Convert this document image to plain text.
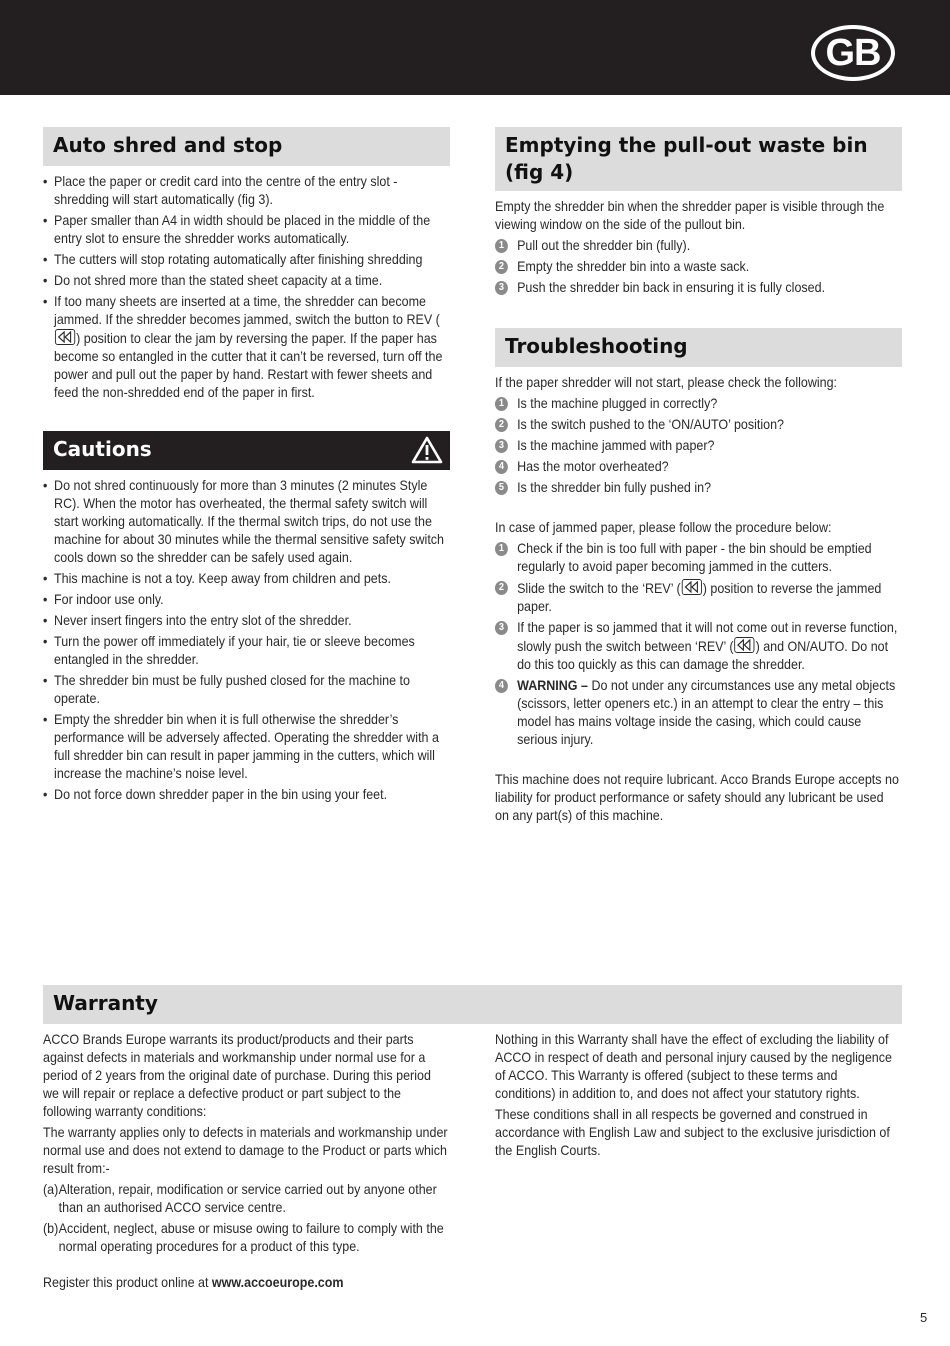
GB
Auto shred and stop
• Place the paper or credit card into the centre of the entry slot - shredding will start automatically (fig 3).
• Paper smaller than A4 in width should be placed in the middle of the entry slot to ensure the shredder works automatically.
• The cutters will stop rotating automatically after finishing shredding
• Do not shred more than the stated sheet capacity at a time.
• If too many sheets are inserted at a time, the shredder can become jammed. If the shredder becomes jammed, switch the button to REV (
) position to clear the jam by reversing the paper. If the paper has become so entangled in the cutter that it can’t be reversed, turn off the power and pull out the paper by hand. Restart with fewer sheets and feed the non-shredded end of the paper in first.
Cautions
• Do not shred continuously for more than 3 minutes (2 minutes Style RC). When the motor has overheated, the thermal safety switch will start working automatically. If the thermal switch trips, do not use the machine for about 30 minutes while the thermal sensitive safety switch cools down so the shredder can be safely used again.
• This machine is not a toy. Keep away from children and pets.
• For indoor use only.
• Never insert fingers into the entry slot of the shredder.
• Turn the power off immediately if your hair, tie or sleeve becomes entangled in the shredder.
• The shredder bin must be fully pushed closed for the machine to operate.
• Empty the shredder bin when it is full otherwise the shredder’s performance will be adversely affected. Operating the shredder with a full shredder bin can result in paper jamming in the cutters, which will increase the machine’s noise level.
• Do not force down shredder paper in the bin using your feet.
Emptying the pull-out waste bin (fig 4)

Empty the shredder bin when the shredder paper is visible through the viewing window on the side of the pullout bin.

1 Pull out the shredder bin (fully).
2 Empty the shredder bin into a waste sack.
3 Push the shredder bin back in ensuring it is fully closed.
Troubleshooting

If the paper shredder will not start, please check the following:

1 Is the machine plugged in correctly?
2 Is the switch pushed to the ‘ON/AUTO’ position?
3 Is the machine jammed with paper?
4 Has the motor overheated?
5 Is the shredder bin fully pushed in?

In case of jammed paper, please follow the procedure below:

1 Check if the bin is too full with paper - the bin should be emptied regularly to avoid paper becoming jammed in the cutters.
2 Slide the switch to the ‘REV’ ( ) position to reverse the jammed paper.
3 If the paper is so jammed that it will not come out in reverse function, slowly push the switch between ‘REV’ ( ) and ON/AUTO. Do not do this too quickly as this can damage the shredder.
4 WARNING – Do not under any circumstances use any metal objects (scissors, letter openers etc.) in an attempt to clear the entry – this model has mains voltage inside the casing, which could cause serious injury.

This machine does not require lubricant. Acco Brands Europe accepts no liability for product performance or safety should any lubricant be used on any part(s) of this machine.

Warranty

ACCO Brands Europe warrants its product/products and their parts against defects in materials and workmanship under normal use for a period of 2 years from the original date of purchase. During this period we will repair or replace a defective product or part subject to the following warranty conditions:

The warranty applies only to defects in materials and workmanship under normal use and does not extend to damage to the Product or parts which result from:-

(a) Alteration, repair, modification or service carried out by anyone other than an authorised ACCO service centre.
(b) Accident, neglect, abuse or misuse owing to failure to comply with the normal operating procedures for a product of this type.

Register this product online at www.accoeurope.com

Nothing in this Warranty shall have the effect of excluding the liability of ACCO in respect of death and personal injury caused by the negligence of ACCO. This Warranty is offered (subject to these terms and conditions) in addition to, and does not affect your statutory rights.

These conditions shall in all respects be governed and construed in accordance with English Law and subject to the exclusive jurisdiction of the English Courts.

5
